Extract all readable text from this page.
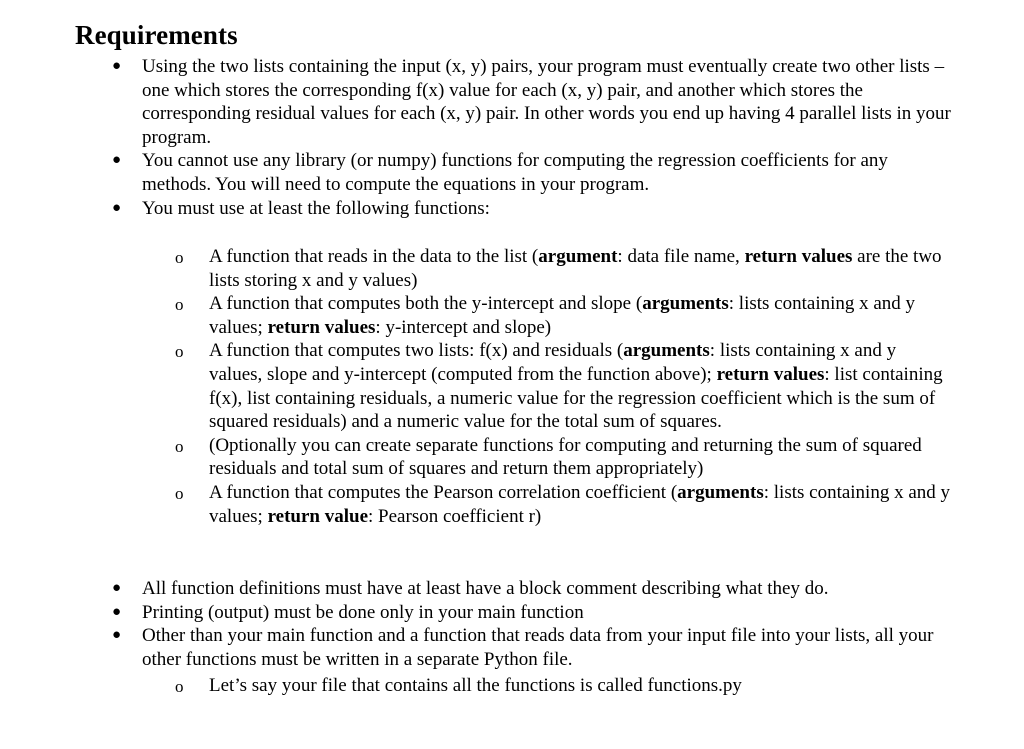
Requirements
● Using the two lists containing the input (x, y) pairs, your program must eventually create two other lists – one which stores the corresponding f(x) value for each (x, y) pair, and another which stores the corresponding residual values for each (x, y) pair. In other words you end up having 4 parallel lists in your program.
● You cannot use any library (or numpy) functions for computing the regression coefficients for any methods. You will need to compute the equations in your program.
● You must use at least the following functions:
o A function that reads in the data to the list (argument: data file name, return values are the two lists storing x and y values)
o A function that computes both the y-intercept and slope (arguments: lists containing x and y values; return values: y-intercept and slope)
o A function that computes two lists: f(x) and residuals (arguments: lists containing x and y values, slope and y-intercept (computed from the function above); return values: list containing f(x), list containing residuals, a numeric value for the regression coefficient which is the sum of squared residuals) and a numeric value for the total sum of squares.
o (Optionally you can create separate functions for computing and returning the sum of squared residuals and total sum of squares and return them appropriately)
o A function that computes the Pearson correlation coefficient (arguments: lists containing x and y values; return value: Pearson coefficient r)
● All function definitions must have at least have a block comment describing what they do.
● Printing (output) must be done only in your main function
● Other than your main function and a function that reads data from your input file into your lists, all your other functions must be written in a separate Python file.
o Let’s say your file that contains all the functions is called functions.py
